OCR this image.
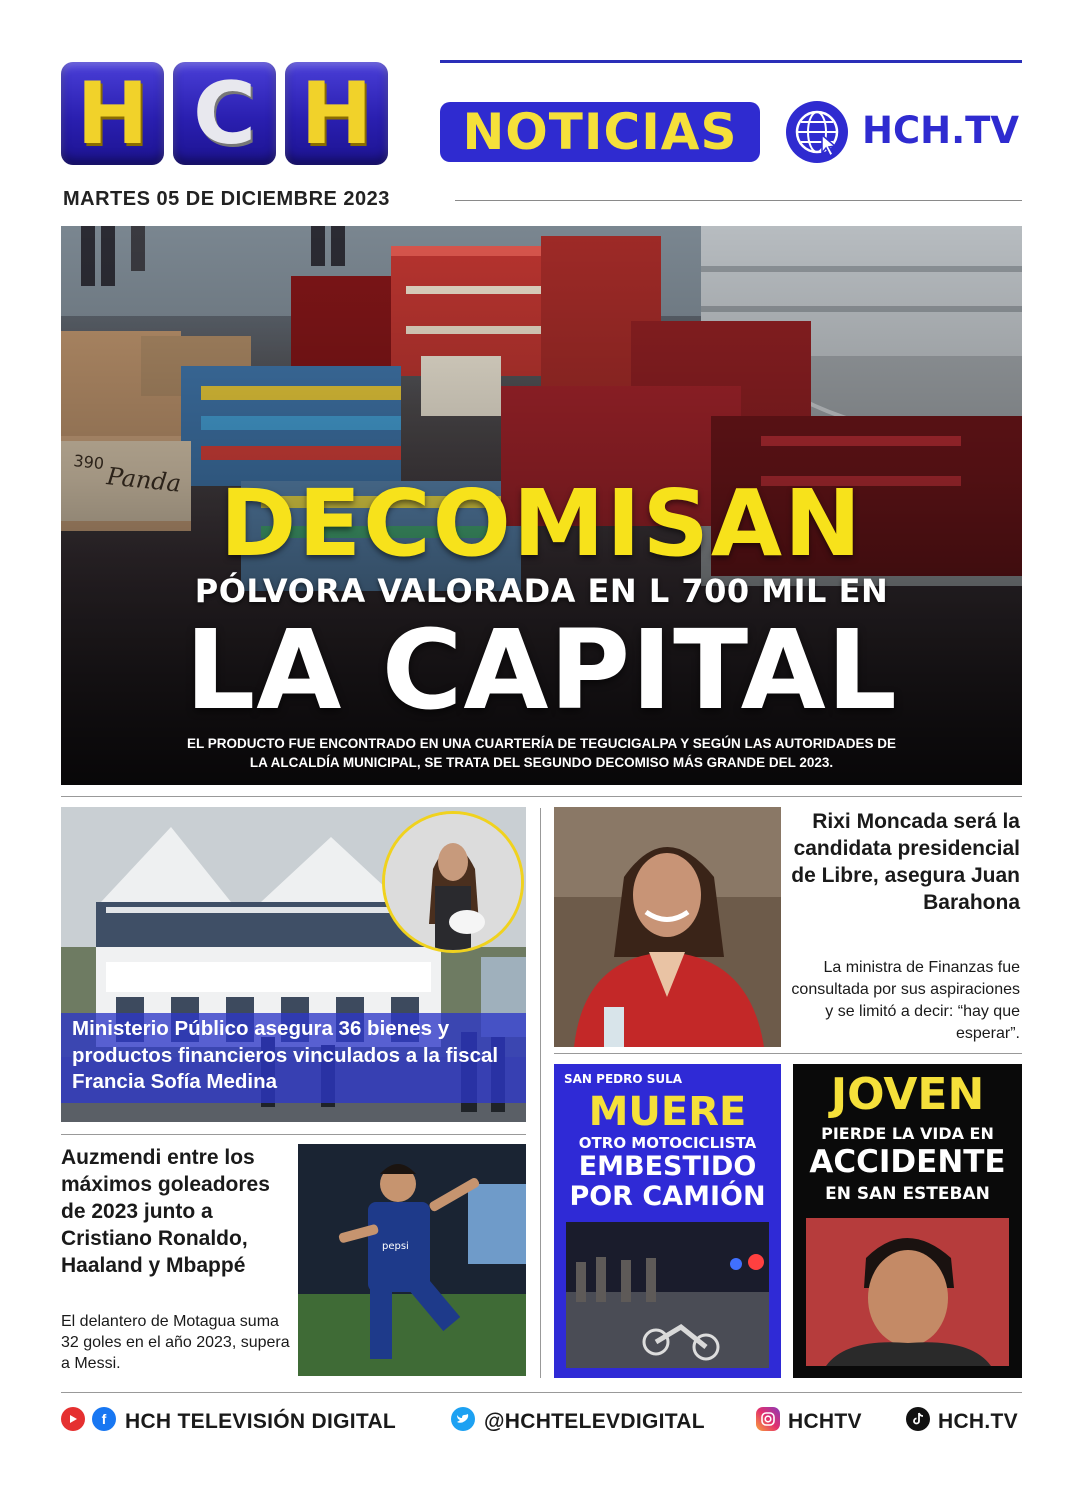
H C H	NOTICIAS	HCH.TV
MARTES 05 DE DICIEMBRE 2023
DECOMISAN
PÓLVORA VALORADA EN L 700 MIL EN
LA CAPITAL
EL PRODUCTO FUE ENCONTRADO EN UNA CUARTERÍA DE TEGUCIGALPA Y SEGÚN LAS AUTORIDADES DE
LA ALCALDÍA MUNICIPAL, SE TRATA DEL SEGUNDO DECOMISO MÁS GRANDE DEL 2023.
Ministerio Público asegura 36 bienes y productos financieros vinculados a la fiscal Francia Sofía Medina
Auzmendi entre los máximos goleadores de 2023 junto a Cristiano Ronaldo, Haaland y Mbappé
El delantero de Motagua suma 32 goles en el año 2023, supera a Messi.
pepsi
Rixi Moncada será la candidata presidencial de Libre, asegura Juan Barahona
La ministra de Finanzas fue consultada por sus aspiraciones y se limitó a decir: “hay que esperar”.
SAN PEDRO SULA
MUERE
OTRO MOTOCICLISTA
EMBESTIDO
POR CAMIÓN
JOVEN
PIERDE LA VIDA EN
ACCIDENTE
EN SAN ESTEBAN
f HCH TELEVISIÓN DIGITAL	@HCHTELEVDIGITAL	HCHTV	HCH.TV
